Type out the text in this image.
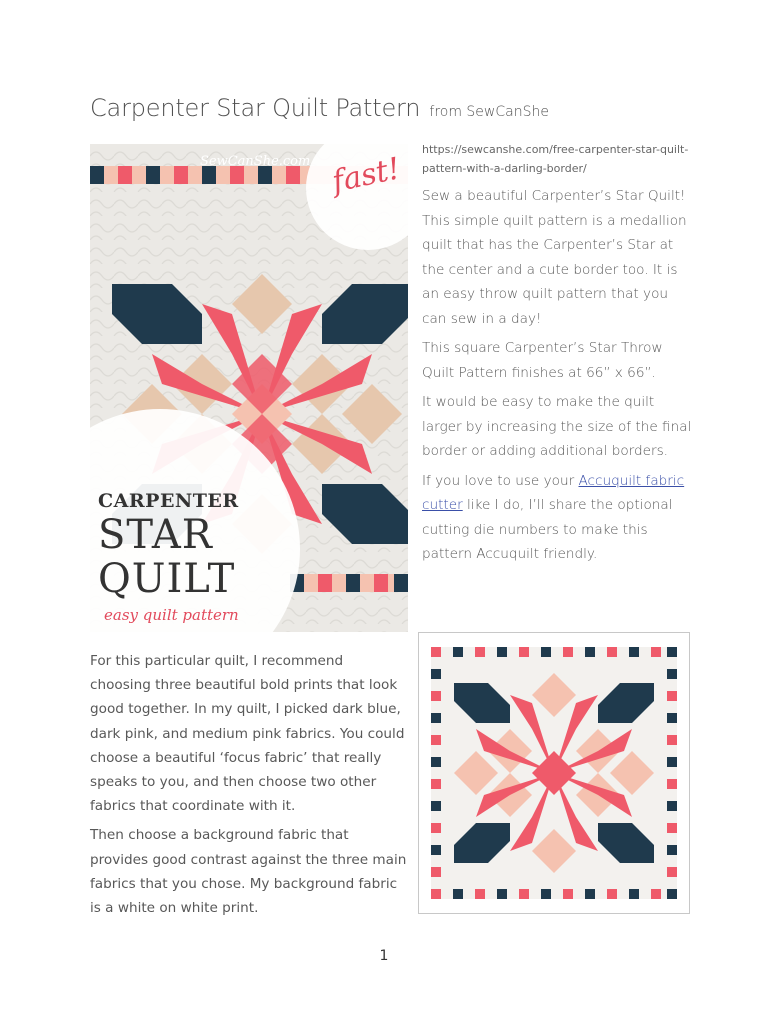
Carpenter Star Quilt Pattern from SewCanShe
SewCanShe.com fast!
CARPENTER
STAR
QUILT
easy quilt pattern
https://sewcanshe.com/free-carpenter-star-quilt-pattern-with-a-darling-border/

Sew a beautiful Carpenter’s Star Quilt! This simple quilt pattern is a medallion quilt that has the Carpenter’s Star at the center and a cute border too. It is an easy throw quilt pattern that you can sew in a day!

This square Carpenter’s Star Throw Quilt Pattern finishes at 66” x 66”.

It would be easy to make the quilt larger by increasing the size of the final border or adding additional borders.

If you love to use your Accuquilt fabric cutter like I do, I’ll share the optional cutting die numbers to make this pattern Accuquilt friendly.

For this particular quilt, I recommend choosing three beautiful bold prints that look good together. In my quilt, I picked dark blue, dark pink, and medium pink fabrics. You could choose a beautiful ‘focus fabric’ that really speaks to you, and then choose two other fabrics that coordinate with it.

Then choose a background fabric that provides good contrast against the three main fabrics that you chose. My background fabric is a white on white print.

1
